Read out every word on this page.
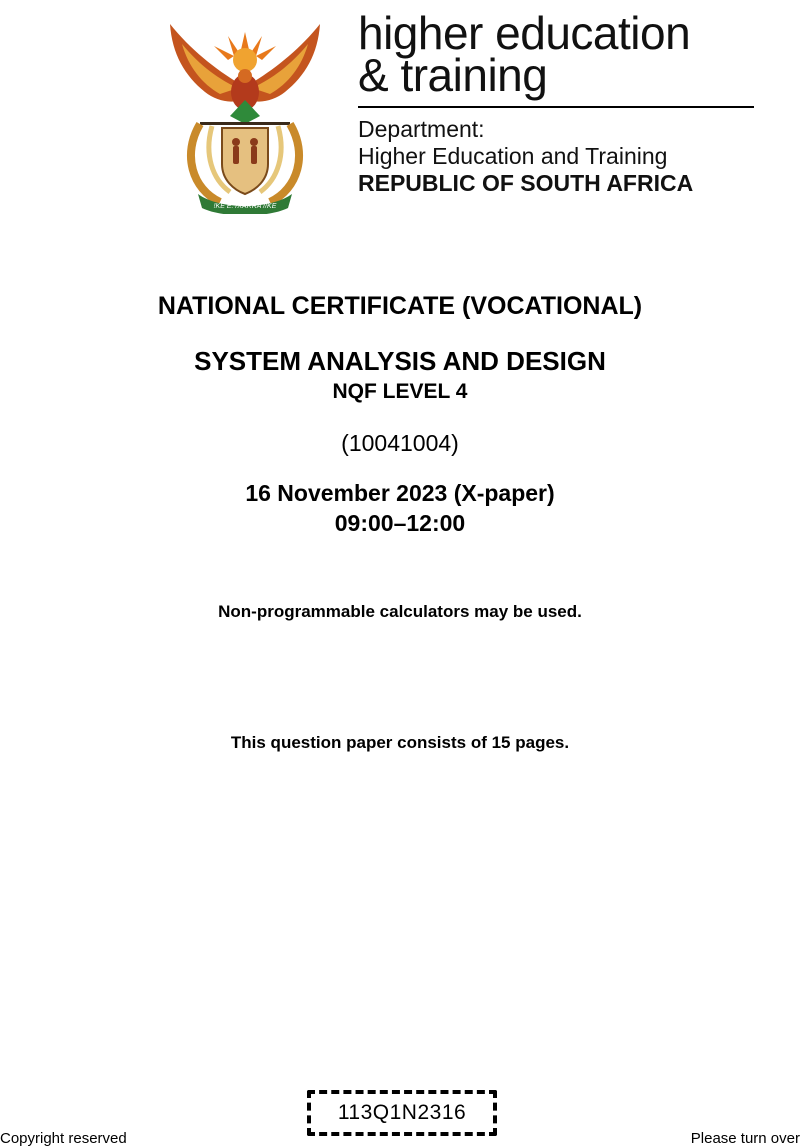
!KE E: /XARRA //KE
higher education
& training
Department:
Higher Education and Training
REPUBLIC OF SOUTH AFRICA
NATIONAL CERTIFICATE (VOCATIONAL)
SYSTEM ANALYSIS AND DESIGN
NQF LEVEL 4
(10041004)
16 November 2023 (X-paper)
09:00–12:00
Non-programmable calculators may be used.
This question paper consists of 15 pages.
113Q1N2316
Copyright reserved	Please turn over
